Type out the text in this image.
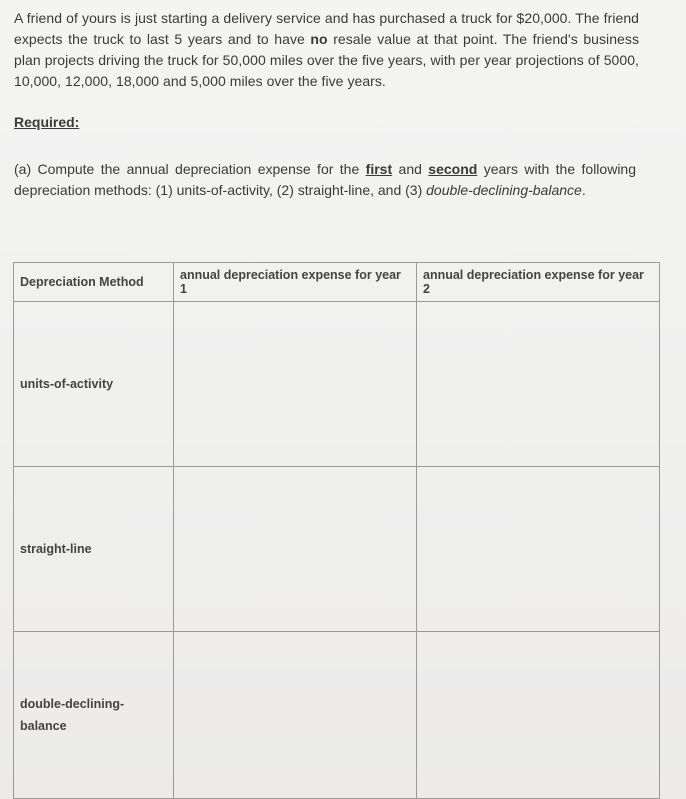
A friend of yours is just starting a delivery service and has purchased a truck for $20,000. The friend expects the truck to last 5 years and to have no resale value at that point. The friend's business plan projects driving the truck for 50,000 miles over the five years, with per year projections of 5000, 10,000, 12,000, 18,000 and 5,000 miles over the five years.
Required:
(a) Compute the annual depreciation expense for the first and second years with the following depreciation methods: (1) units-of-activity, (2) straight-line, and (3) double-declining-balance.
Depreciation Method	annual depreciation expense for year 1	annual depreciation expense for year 2
units-of-activity		
straight-line		
double-declining-balance		
